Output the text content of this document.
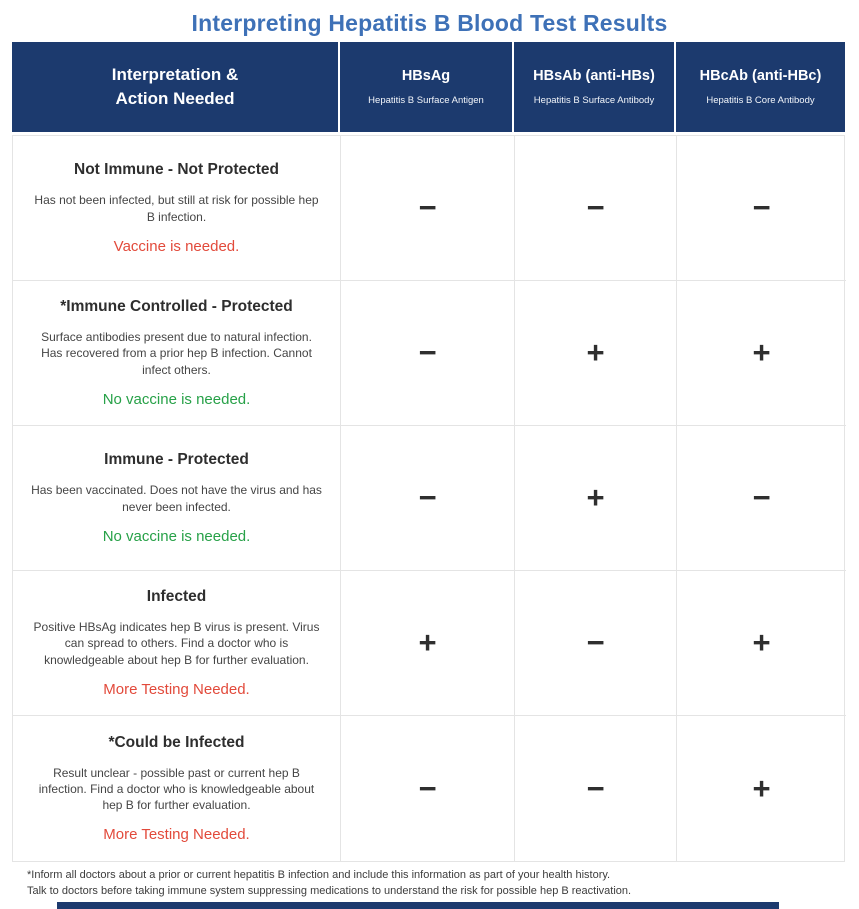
Interpreting Hepatitis B Blood Test Results
Interpretation &
Action Needed
HBsAg
Hepatitis B Surface Antigen
HBsAb (anti-HBs)
Hepatitis B Surface Antibody
HBcAb (anti-HBc)
Hepatitis B Core Antibody
Not Immune - Not Protected
Has not been infected, but still at risk for possible hep B infection.
Vaccine is needed.
−	−	−
*Immune Controlled - Protected
Surface antibodies present due to natural infection. Has recovered from a prior hep B infection. Cannot infect others.
No vaccine is needed.
−	+	+
Immune - Protected
Has been vaccinated. Does not have the virus and has never been infected.
No vaccine is needed.
−	+	−
Infected
Positive HBsAg indicates hep B virus is present. Virus can spread to others. Find a doctor who is knowledgeable about hep B for further evaluation.
More Testing Needed.
+	−	+
*Could be Infected
Result unclear - possible past or current hep B infection. Find a doctor who is knowledgeable about hep B for further evaluation.
More Testing Needed.
−	−	+
*Inform all doctors about a prior or current hepatitis B infection and include this information as part of your health history.
Talk to doctors before taking immune system suppressing medications to understand the risk for possible hep B reactivation.
